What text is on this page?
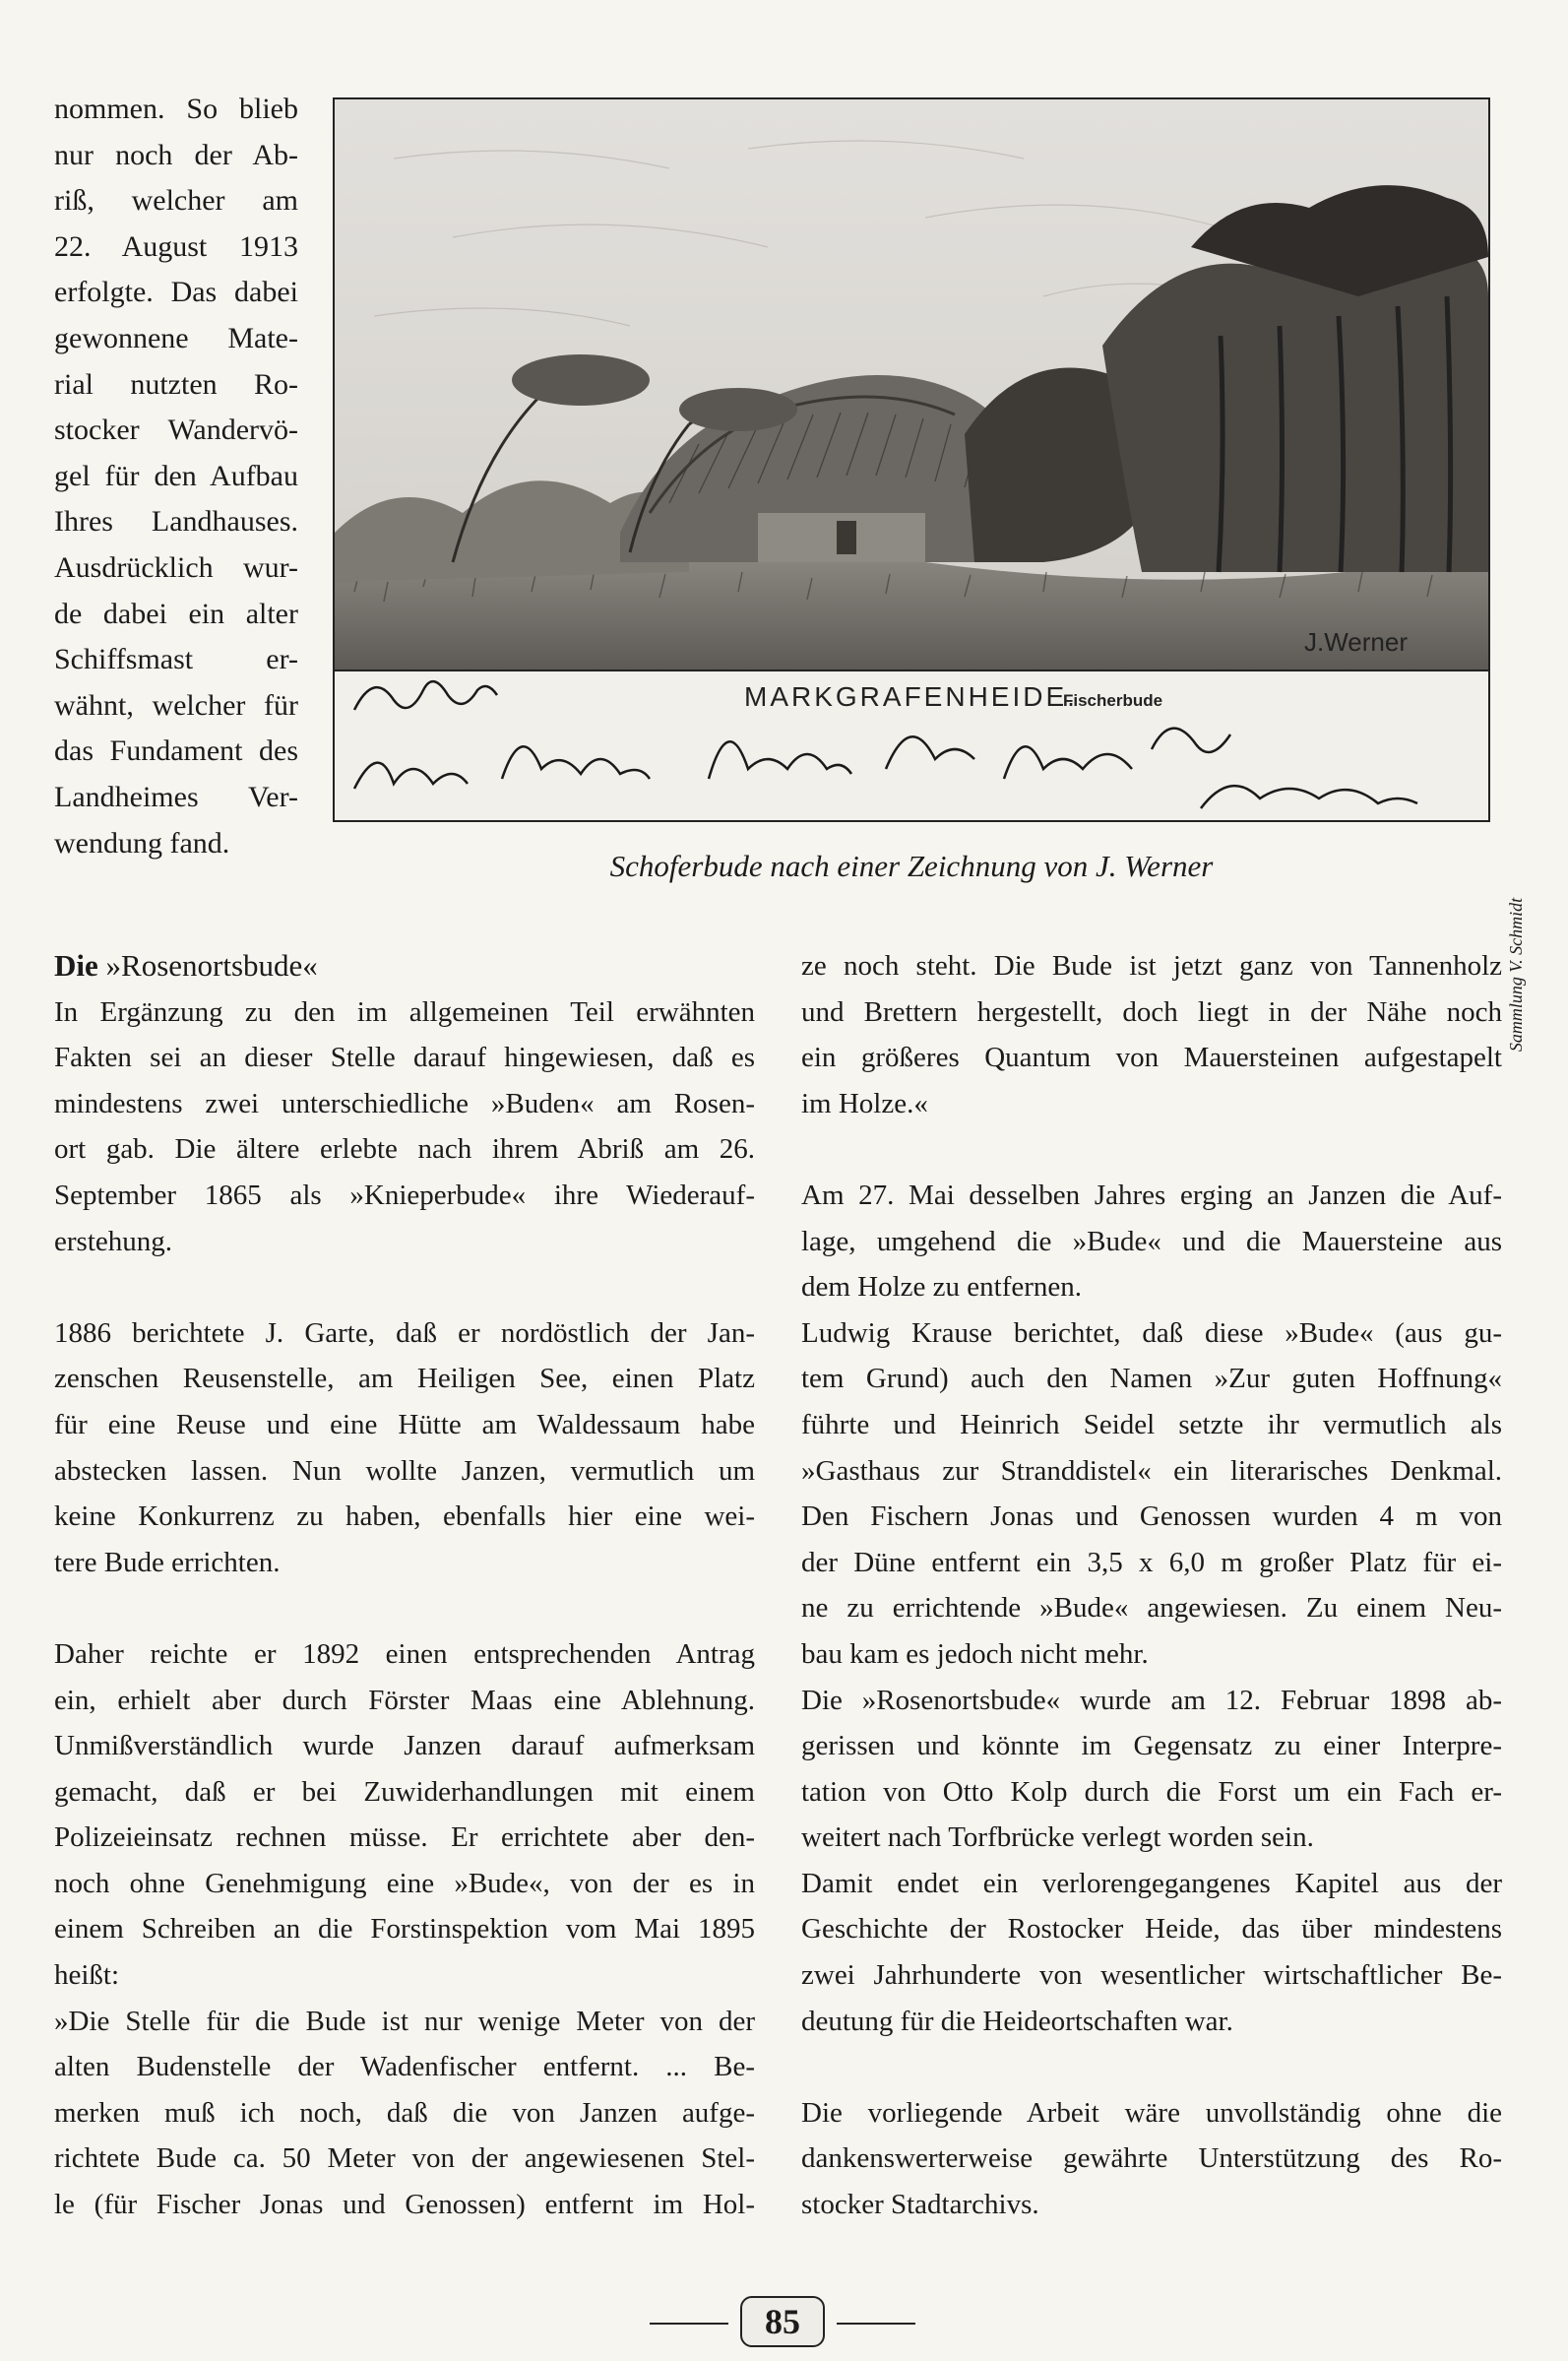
nommen. So blieb
nur noch der Ab-
riß, welcher am
22. August 1913
erfolgte. Das dabei
gewonnene Mate-
rial nutzten Ro-
stocker Wandervö-
gel für den Aufbau
Ihres Landhauses.
Ausdrücklich wur-
de dabei ein alter
Schiffsmast er-
wähnt, welcher für
das Fundament des
Landheimes Ver-
wendung fand.
J.Werner
MARKGRAFENHEIDE.
Fischerbude
Sammlung V. Schmidt
Schoferbude nach einer Zeichnung von J. Werner
Die »Rosenortsbude«
In Ergänzung zu den im allgemeinen Teil erwähnten
Fakten sei an dieser Stelle darauf hingewiesen, daß es
mindestens zwei unterschiedliche »Buden« am Rosen-
ort gab. Die ältere erlebte nach ihrem Abriß am 26.
September 1865 als »Knieperbude« ihre Wiederauf-
erstehung.
1886 berichtete J. Garte, daß er nordöstlich der Jan-
zenschen Reusenstelle, am Heiligen See, einen Platz
für eine Reuse und eine Hütte am Waldessaum habe
abstecken lassen. Nun wollte Janzen, vermutlich um
keine Konkurrenz zu haben, ebenfalls hier eine wei-
tere Bude errichten.
Daher reichte er 1892 einen entsprechenden Antrag
ein, erhielt aber durch Förster Maas eine Ablehnung.
Unmißverständlich wurde Janzen darauf aufmerksam
gemacht, daß er bei Zuwiderhandlungen mit einem
Polizeieinsatz rechnen müsse. Er errichtete aber den-
noch ohne Genehmigung eine »Bude«, von der es in
einem Schreiben an die Forstinspektion vom Mai 1895
heißt:
»Die Stelle für die Bude ist nur wenige Meter von der
alten Budenstelle der Wadenfischer entfernt. ... Be-
merken muß ich noch, daß die von Janzen aufge-
richtete Bude ca. 50 Meter von der angewiesenen Stel-
le (für Fischer Jonas und Genossen) entfernt im Hol-
ze noch steht. Die Bude ist jetzt ganz von Tannenholz
und Brettern hergestellt, doch liegt in der Nähe noch
ein größeres Quantum von Mauersteinen aufgestapelt
im Holze.«
Am 27. Mai desselben Jahres erging an Janzen die Auf-
lage, umgehend die »Bude« und die Mauersteine aus
dem Holze zu entfernen.
Ludwig Krause berichtet, daß diese »Bude« (aus gu-
tem Grund) auch den Namen »Zur guten Hoffnung«
führte und Heinrich Seidel setzte ihr vermutlich als
»Gasthaus zur Stranddistel« ein literarisches Denkmal.
Den Fischern Jonas und Genossen wurden 4 m von
der Düne entfernt ein 3,5 x 6,0 m großer Platz für ei-
ne zu errichtende »Bude« angewiesen. Zu einem Neu-
bau kam es jedoch nicht mehr.
Die »Rosenortsbude« wurde am 12. Februar 1898 ab-
gerissen und könnte im Gegensatz zu einer Interpre-
tation von Otto Kolp durch die Forst um ein Fach er-
weitert nach Torfbrücke verlegt worden sein.
Damit endet ein verlorengegangenes Kapitel aus der
Geschichte der Rostocker Heide, das über mindestens
zwei Jahrhunderte von wesentlicher wirtschaftlicher Be-
deutung für die Heideortschaften war.
Die vorliegende Arbeit wäre unvollständig ohne die
dankenswerterweise gewährte Unterstützung des Ro-
stocker Stadtarchivs.
85
